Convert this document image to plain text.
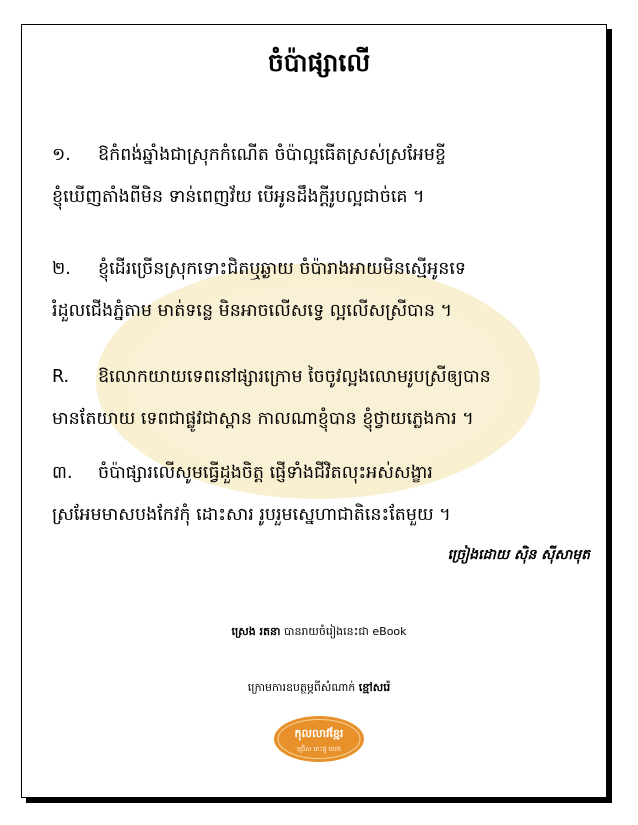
ចំប៉ាផ្សាលើ
១. ឱកំពង់ឆ្នាំងជាស្រុកកំណើត ចំប៉ាល្អធើតស្រស់ស្រអែមខ្ចី
ខ្ញុំឃើញតាំងពីមិន ទាន់ពេញវ័យ បើអូនដឹងក្តីរូបល្អជាច់គេ ។
២. ខ្ញុំដើរច្រើនស្រុកទោះជិតឬឆ្ងាយ ចំប៉ារាងអាយមិនស្មើអូនទេ
រំដួលជើងភ្នំតាម មាត់ទន្លេ មិនអាចលើសទ្វេ ល្អលើសស្រីបាន ។
R. ឱលោកយាយទេពនៅផ្សារក្រោម ចៃចូវល្អងលោមរូបស្រីឲ្យបាន
មានតែយាយ ទេពជាផ្លូវជាស្ពាន កាលណាខ្ញុំបាន ខ្ញុំថ្វាយភ្លេងការ ។
៣. ចំប៉ាផ្សារលើសូមធ្វើដួងចិត្ត ផ្ញើទាំងជីវិតលុះអស់សង្ខារ
ស្រអែមមាសបងកែវកុំ ដោះសារ រូបរួមស្នេហាជាតិនេះតែមួយ ។
ច្រៀងដោយ ស៊ិន ស៊ីសាមុត
ស្រេង រតនា បានរាយចំរៀងនេះជា eBook
ក្រោមការឧបត្ថម្ភពីសំណាក់ ខ្មៅសរ៉េ
កុលលាវខ្មែរ
ជ្រើស រោះផ្ទុ លេង
